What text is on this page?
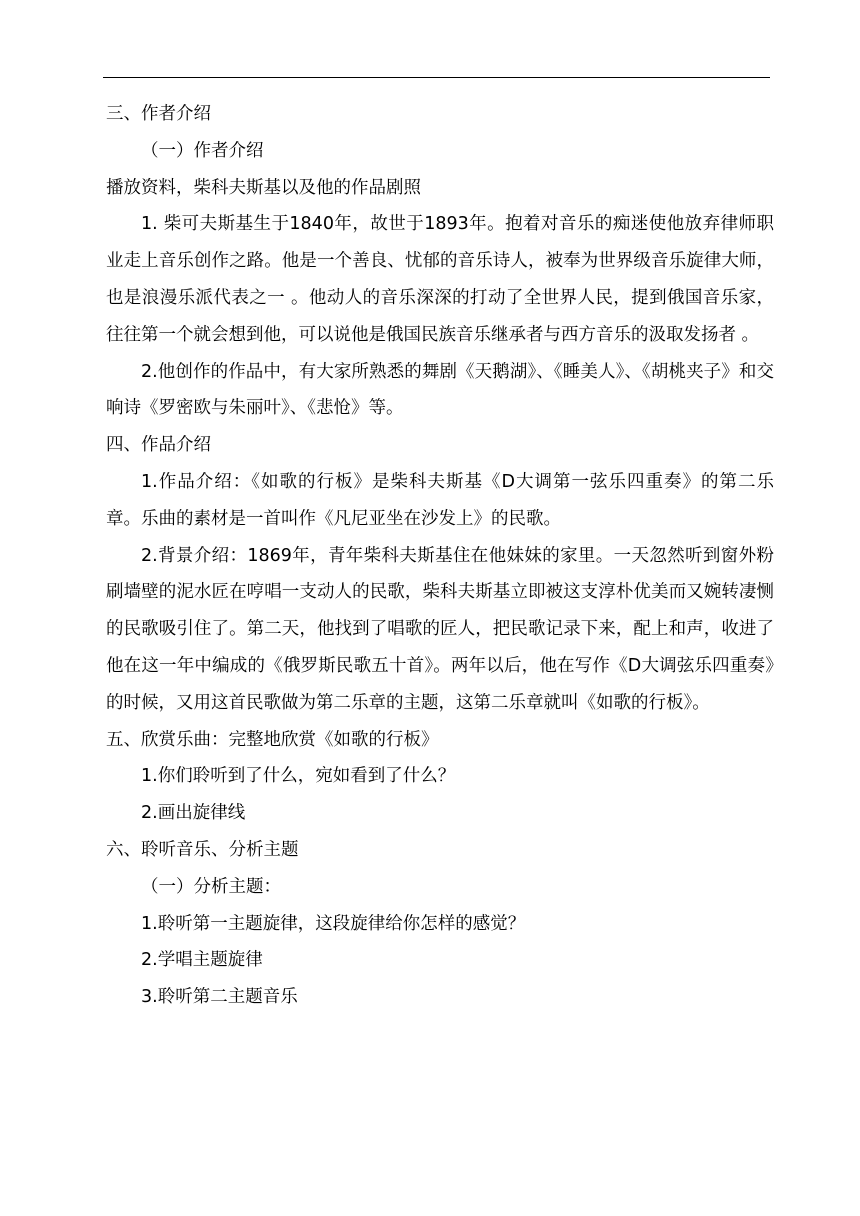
三、作者介绍

（一）作者介绍

播放资料，柴科夫斯基以及他的作品剧照

1. 柴可夫斯基生于1840年，故世于1893年。抱着对音乐的痴迷使他放弃律师职业走上音乐创作之路。他是一个善良、忧郁的音乐诗人，被奉为世界级音乐旋律大师，也是浪漫乐派代表之一 。他动人的音乐深深的打动了全世界人民，提到俄国音乐家，往往第一个就会想到他，可以说他是俄国民族音乐继承者与西方音乐的汲取发扬者 。

2.他创作的作品中，有大家所熟悉的舞剧《天鹅湖》、《睡美人》、《胡桃夹子》和交响诗《罗密欧与朱丽叶》、《悲怆》等。

四、作品介绍

1.作品介绍：《如歌的行板》是柴科夫斯基《D大调第一弦乐四重奏》的第二乐章。乐曲的素材是一首叫作《凡尼亚坐在沙发上》的民歌。

2.背景介绍：1869年，青年柴科夫斯基住在他妹妹的家里。一天忽然听到窗外粉刷墙壁的泥水匠在哼唱一支动人的民歌，柴科夫斯基立即被这支淳朴优美而又婉转凄恻的民歌吸引住了。第二天，他找到了唱歌的匠人，把民歌记录下来，配上和声，收进了他在这一年中编成的《俄罗斯民歌五十首》。两年以后，他在写作《D大调弦乐四重奏》的时候，又用这首民歌做为第二乐章的主题，这第二乐章就叫《如歌的行板》。

五、欣赏乐曲：完整地欣赏《如歌的行板》

1.你们聆听到了什么，宛如看到了什么？

2.画出旋律线

六、聆听音乐、分析主题

（一）分析主题：

1.聆听第一主题旋律，这段旋律给你怎样的感觉？

2.学唱主题旋律

3.聆听第二主题音乐
